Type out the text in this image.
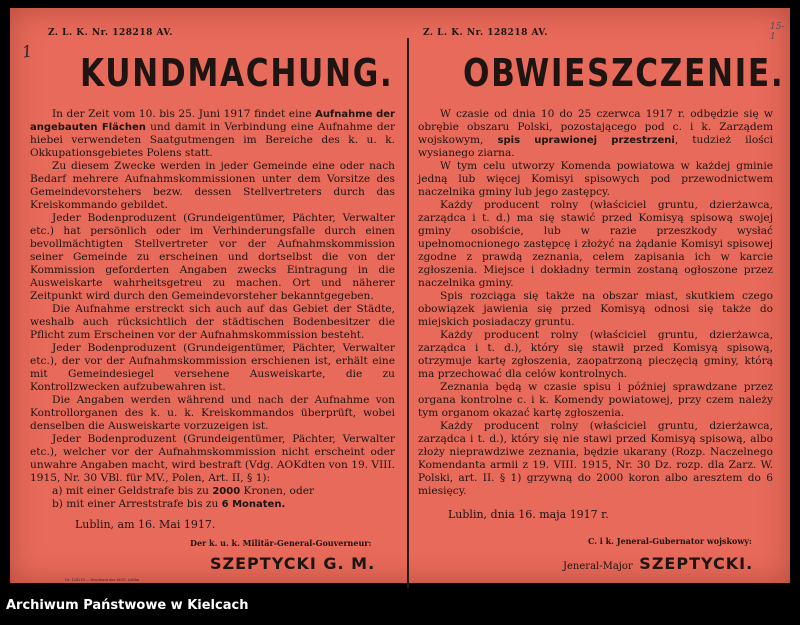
1
15-1
Z. L. K. Nr. 128218 AV.
KUNDMACHUNG.

In der Zeit vom 10. bis 25. Juni 1917 findet eine Aufnahme der angebauten Flächen und damit in Verbindung eine Aufnahme der hiebei verwendeten Saatgutmengen im Bereiche des k. u. k. Okkupationsgebietes Polens statt.

Zu diesem Zwecke werden in jeder Gemeinde eine oder nach Bedarf mehrere Aufnahmskommissionen unter dem Vorsitze des Gemeindevorstehers bezw. dessen Stellvertreters durch das Kreiskommando gebildet.

Jeder Bodenproduzent (Grundeigentümer, Pächter, Verwalter etc.) hat persönlich oder im Verhinderungsfalle durch einen bevollmächtigten Stellvertreter vor der Aufnahmskommission seiner Gemeinde zu erscheinen und dortselbst die von der Kommission geforderten Angaben zwecks Eintragung in die Ausweiskarte wahrheitsgetreu zu machen. Ort und näherer Zeitpunkt wird durch den Gemeindevorsteher bekanntgegeben.

Die Aufnahme erstreckt sich auch auf das Gebiet der Städte, weshalb auch rücksichtlich der städtischen Bodenbesitzer die Pflicht zum Erscheinen vor der Aufnahmskommission besteht.

Jeder Bodenproduzent (Grundeigentümer, Pächter, Verwalter etc.), der vor der Aufnahmskommission erschienen ist, erhält eine mit Gemeindesiegel versehene Ausweiskarte, die zu Kontrollzwecken aufzubewahren ist.

Die Angaben werden während und nach der Aufnahme von Kontrollorganen des k. u. k. Kreiskommandos überprüft, wobei denselben die Ausweiskarte vorzuzeigen ist.

Jeder Bodenproduzent (Grundeigentümer, Pächter, Verwalter etc.), welcher vor der Aufnahmskommission nicht erscheint oder unwahre Angaben macht, wird bestraft (Vdg. AOKdten von 19. VIII. 1915, Nr. 30 VBl. für MV., Polen, Art. II, § 1):

a) mit einer Geldstrafe bis zu 2000 Kronen, oder

b) mit einer Arreststrafe bis zu 6 Monaten.

Lublin, am 16. Mai 1917.
Der k. u. k. Militär-General-Gouverneur:
SZEPTYCKI G. M.
Dr. 128218 — Druckerei des MGG. Lublin
Z. L. K. Nr. 128218 AV.
OBWIESZCZENIE.

W czasie od dnia 10 do 25 czerwca 1917 r. odbędzie się w obrębie obszaru Polski, pozostającego pod c. i k. Zarządem wojskowym, spis uprawionej przestrzeni, tudzież ilości wysianego ziarna.

W tym celu utworzy Komenda powiatowa w każdej gminie jedną lub więcej Komisyi spisowych pod przewodnictwem naczelnika gminy lub jego zastępcy.

Każdy producent rolny (właściciel gruntu, dzierżawca, zarządca i t. d.) ma się stawić przed Komisyą spisową swojej gminy osobiście, lub w razie przeszkody wysłać upełnomocnionego zastępcę i złożyć na żądanie Komisyi spisowej zgodne z prawdą zeznania, celem zapisania ich w karcie zgłoszenia. Miejsce i dokładny termin zostaną ogłoszone przez naczelnika gminy.

Spis rozciąga się także na obszar miast, skutkiem czego obowiązek jawienia się przed Komisyą odnosi się także do miejskich posiadaczy gruntu.

Każdy producent rolny (właściciel gruntu, dzierżawca, zarządca i t. d.), który się stawił przed Komisyą spisową, otrzymuje kartę zgłoszenia, zaopatrzoną pieczęcią gminy, którą ma przechować dla celów kontrolnych.

Zeznania będą w czasie spisu i później sprawdzane przez organa kontrolne c. i k. Komendy powiatowej, przy czem należy tym organom okazać kartę zgłoszenia.

Każdy producent rolny (właściciel gruntu, dzierżawca, zarządca i t. d.), który się nie stawi przed Komisyą spisową, albo złoży nieprawdziwe zeznania, będzie ukarany (Rozp. Naczelnego Komendanta armii z 19. VIII. 1915, Nr. 30 Dz. rozp. dla Zarz. W. Polski, art. II. § 1) grzywną do 2000 koron albo aresztem do 6 miesięcy.

Lublin, dnia 16. maja 1917 r.
C. i k. Jeneral-Gubernator wojskowy:
Jeneral-Major SZEPTYCKI.
Archiwum Państwowe w Kielcach
